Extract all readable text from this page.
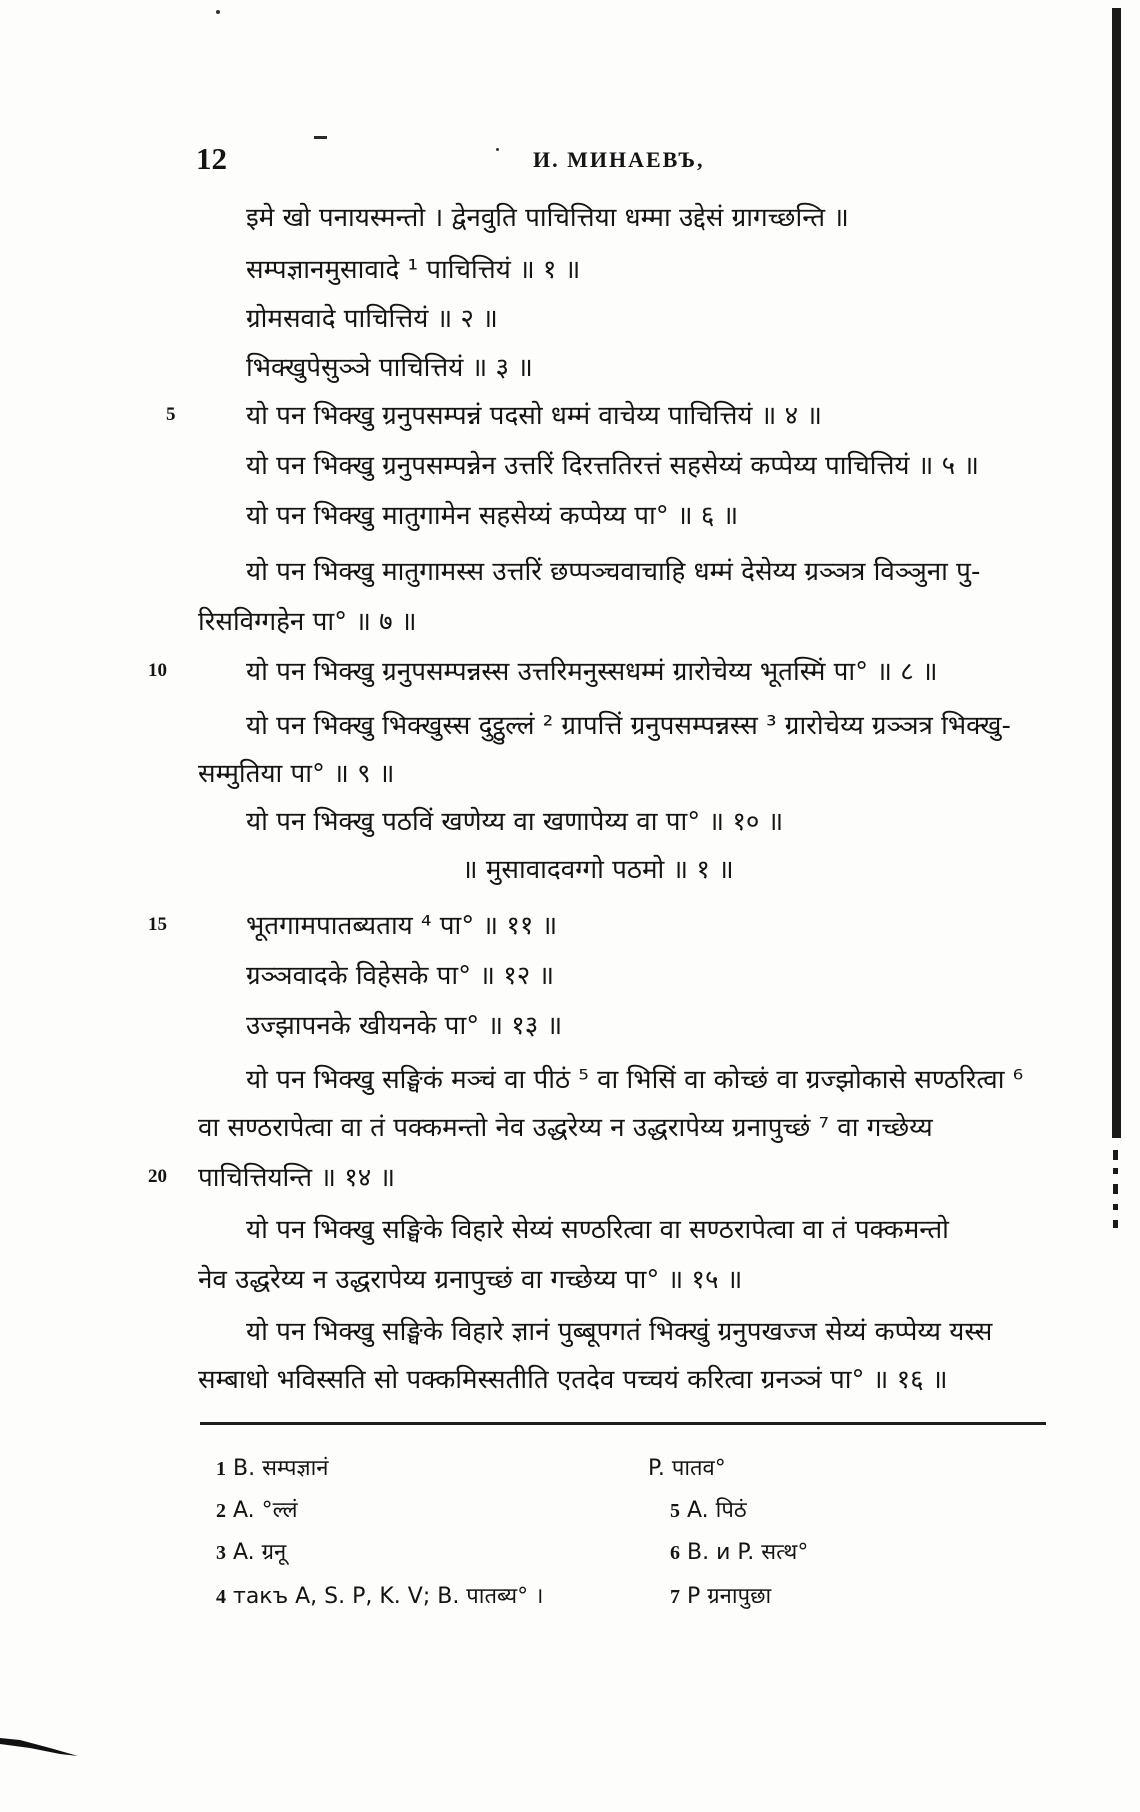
12	И. МИНАЕВЪ,
इमे खो पनायस्मन्तो । द्वेनवुति पाचित्तिया धम्मा उद्देसं ग्रागच्छन्ति ॥
सम्पज्ञानमुसावादे ¹ पाचित्तियं ॥ १ ॥
ग्रोमसवादे पाचित्तियं ॥ २ ॥
भिक्खुपेसुञ्ञे पाचित्तियं ॥ ३ ॥
यो पन भिक्खु ग्रनुपसम्पन्नं पदसो धम्मं वाचेय्य पाचित्तियं ॥ ४ ॥
यो पन भिक्खु ग्रनुपसम्पन्नेन उत्तरिं दिरत्ततिरत्तं सहसेय्यं कप्पेय्य पाचित्तियं ॥ ५ ॥
यो पन भिक्खु मातुगामेन सहसेय्यं कप्पेय्य पा° ॥ ६ ॥
यो पन भिक्खु मातुगामस्स उत्तरिं छप्पञ्चवाचाहि धम्मं देसेय्य ग्रञ्ञत्र विञ्ञुना पु-
रिसविग्गहेन पा° ॥ ७ ॥
यो पन भिक्खु ग्रनुपसम्पन्नस्स उत्तरिमनुस्सधम्मं ग्रारोचेय्य भूतस्मिं पा° ॥ ८ ॥
यो पन भिक्खु भिक्खुस्स दुट्ठुल्लं ² ग्रापत्तिं ग्रनुपसम्पन्नस्स ³ ग्रारोचेय्य ग्रञ्ञत्र भिक्खु-
सम्मुतिया पा° ॥ ९ ॥
यो पन भिक्खु पठविं खणेय्य वा खणापेय्य वा पा° ॥ १० ॥
॥ मुसावादवग्गो पठमो ॥ १ ॥
भूतगामपातब्यताय ⁴ पा° ॥ ११ ॥
ग्रञ्ञवादके विहेसके पा° ॥ १२ ॥
उज्झापनके खीयनके पा° ॥ १३ ॥
यो पन भिक्खु सङ्घिकं मञ्चं वा पीठं ⁵ वा भिसिं वा कोच्छं वा ग्रज्झोकासे सण्ठरित्वा ⁶
वा सण्ठरापेत्वा वा तं पक्कमन्तो नेव उद्धरेय्य न उद्धरापेय्य ग्रनापुच्छं ⁷ वा गच्छेय्य
पाचित्तियन्ति ॥ १४ ॥
यो पन भिक्खु सङ्घिके विहारे सेय्यं सण्ठरित्वा वा सण्ठरापेत्वा वा तं पक्कमन्तो
नेव उद्धरेय्य न उद्धरापेय्य ग्रनापुच्छं वा गच्छेय्य पा° ॥ १५ ॥
यो पन भिक्खु सङ्घिके विहारे ज्ञानं पुब्बूपगतं भिक्खुं ग्रनुपखज्ज सेय्यं कप्पेय्य यस्स
सम्बाधो भविस्सति सो पक्कमिस्सतीति एतदेव पच्चयं करित्वा ग्रनञ्ञं पा° ॥ १६ ॥
5
10
15
20
1 B. सम्पज्ञानं
2 A. °ल्लं
3 A. ग्रनू
4 такъ A, S. P, K. V; B. पातब्य° ।
P. पातव°
5 A. पिठं
6 B. и P. सत्थ°
7 P ग्रनापुछा
